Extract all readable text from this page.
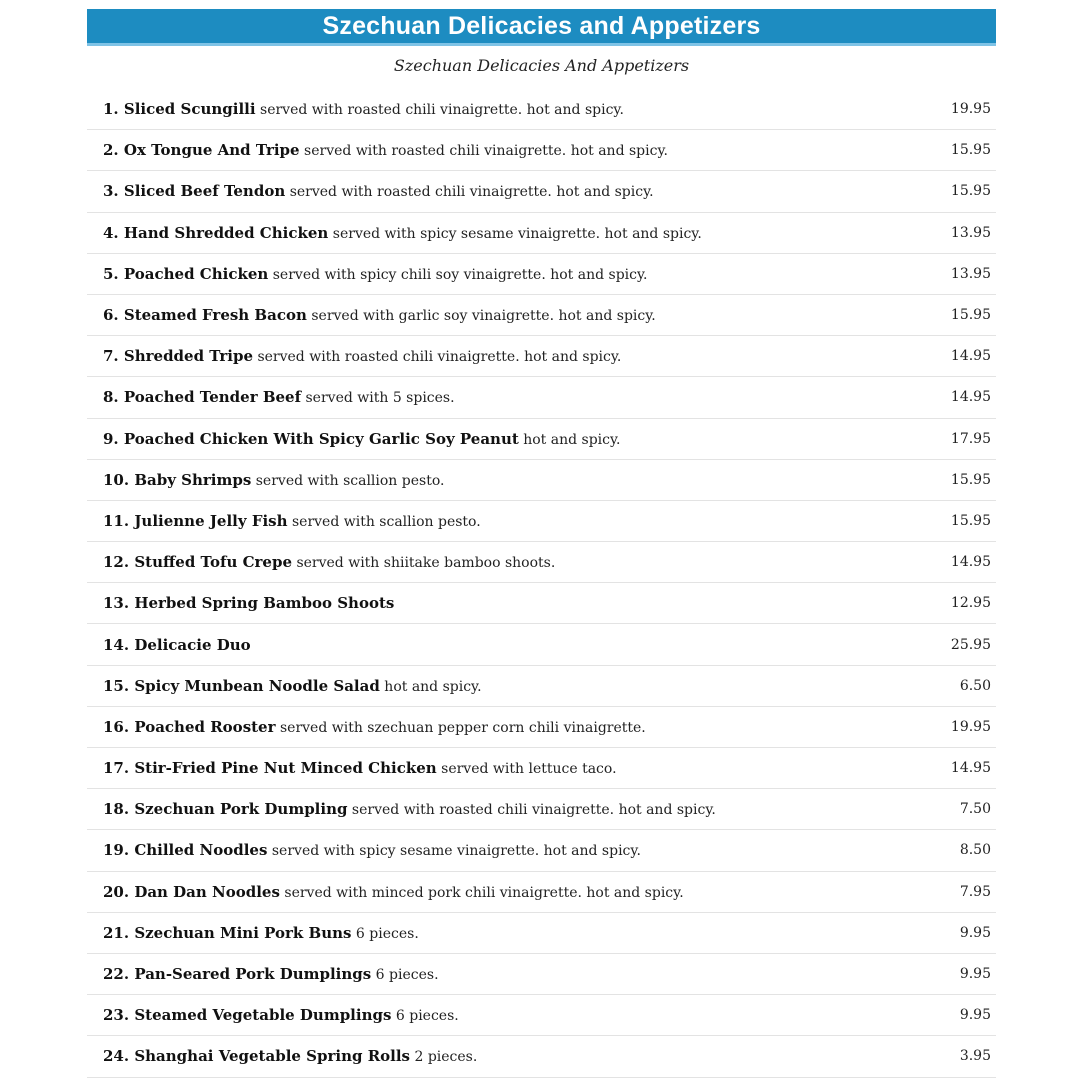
Szechuan Delicacies and Appetizers
Szechuan Delicacies And Appetizers
1. Sliced Scungilli served with roasted chili vinaigrette. hot and spicy.	19.95
2. Ox Tongue And Tripe served with roasted chili vinaigrette. hot and spicy.	15.95
3. Sliced Beef Tendon served with roasted chili vinaigrette. hot and spicy.	15.95
4. Hand Shredded Chicken served with spicy sesame vinaigrette. hot and spicy.	13.95
5. Poached Chicken served with spicy chili soy vinaigrette. hot and spicy.	13.95
6. Steamed Fresh Bacon served with garlic soy vinaigrette. hot and spicy.	15.95
7. Shredded Tripe served with roasted chili vinaigrette. hot and spicy.	14.95
8. Poached Tender Beef served with 5 spices.	14.95
9. Poached Chicken With Spicy Garlic Soy Peanut hot and spicy.	17.95
10. Baby Shrimps served with scallion pesto.	15.95
11. Julienne Jelly Fish served with scallion pesto.	15.95
12. Stuffed Tofu Crepe served with shiitake bamboo shoots.	14.95
13. Herbed Spring Bamboo Shoots	12.95
14. Delicacie Duo	25.95
15. Spicy Munbean Noodle Salad hot and spicy.	6.50
16. Poached Rooster served with szechuan pepper corn chili vinaigrette.	19.95
17. Stir-Fried Pine Nut Minced Chicken served with lettuce taco.	14.95
18. Szechuan Pork Dumpling served with roasted chili vinaigrette. hot and spicy.	7.50
19. Chilled Noodles served with spicy sesame vinaigrette. hot and spicy.	8.50
20. Dan Dan Noodles served with minced pork chili vinaigrette. hot and spicy.	7.95
21. Szechuan Mini Pork Buns 6 pieces.	9.95
22. Pan-Seared Pork Dumplings 6 pieces.	9.95
23. Steamed Vegetable Dumplings 6 pieces.	9.95
24. Shanghai Vegetable Spring Rolls 2 pieces.	3.95
